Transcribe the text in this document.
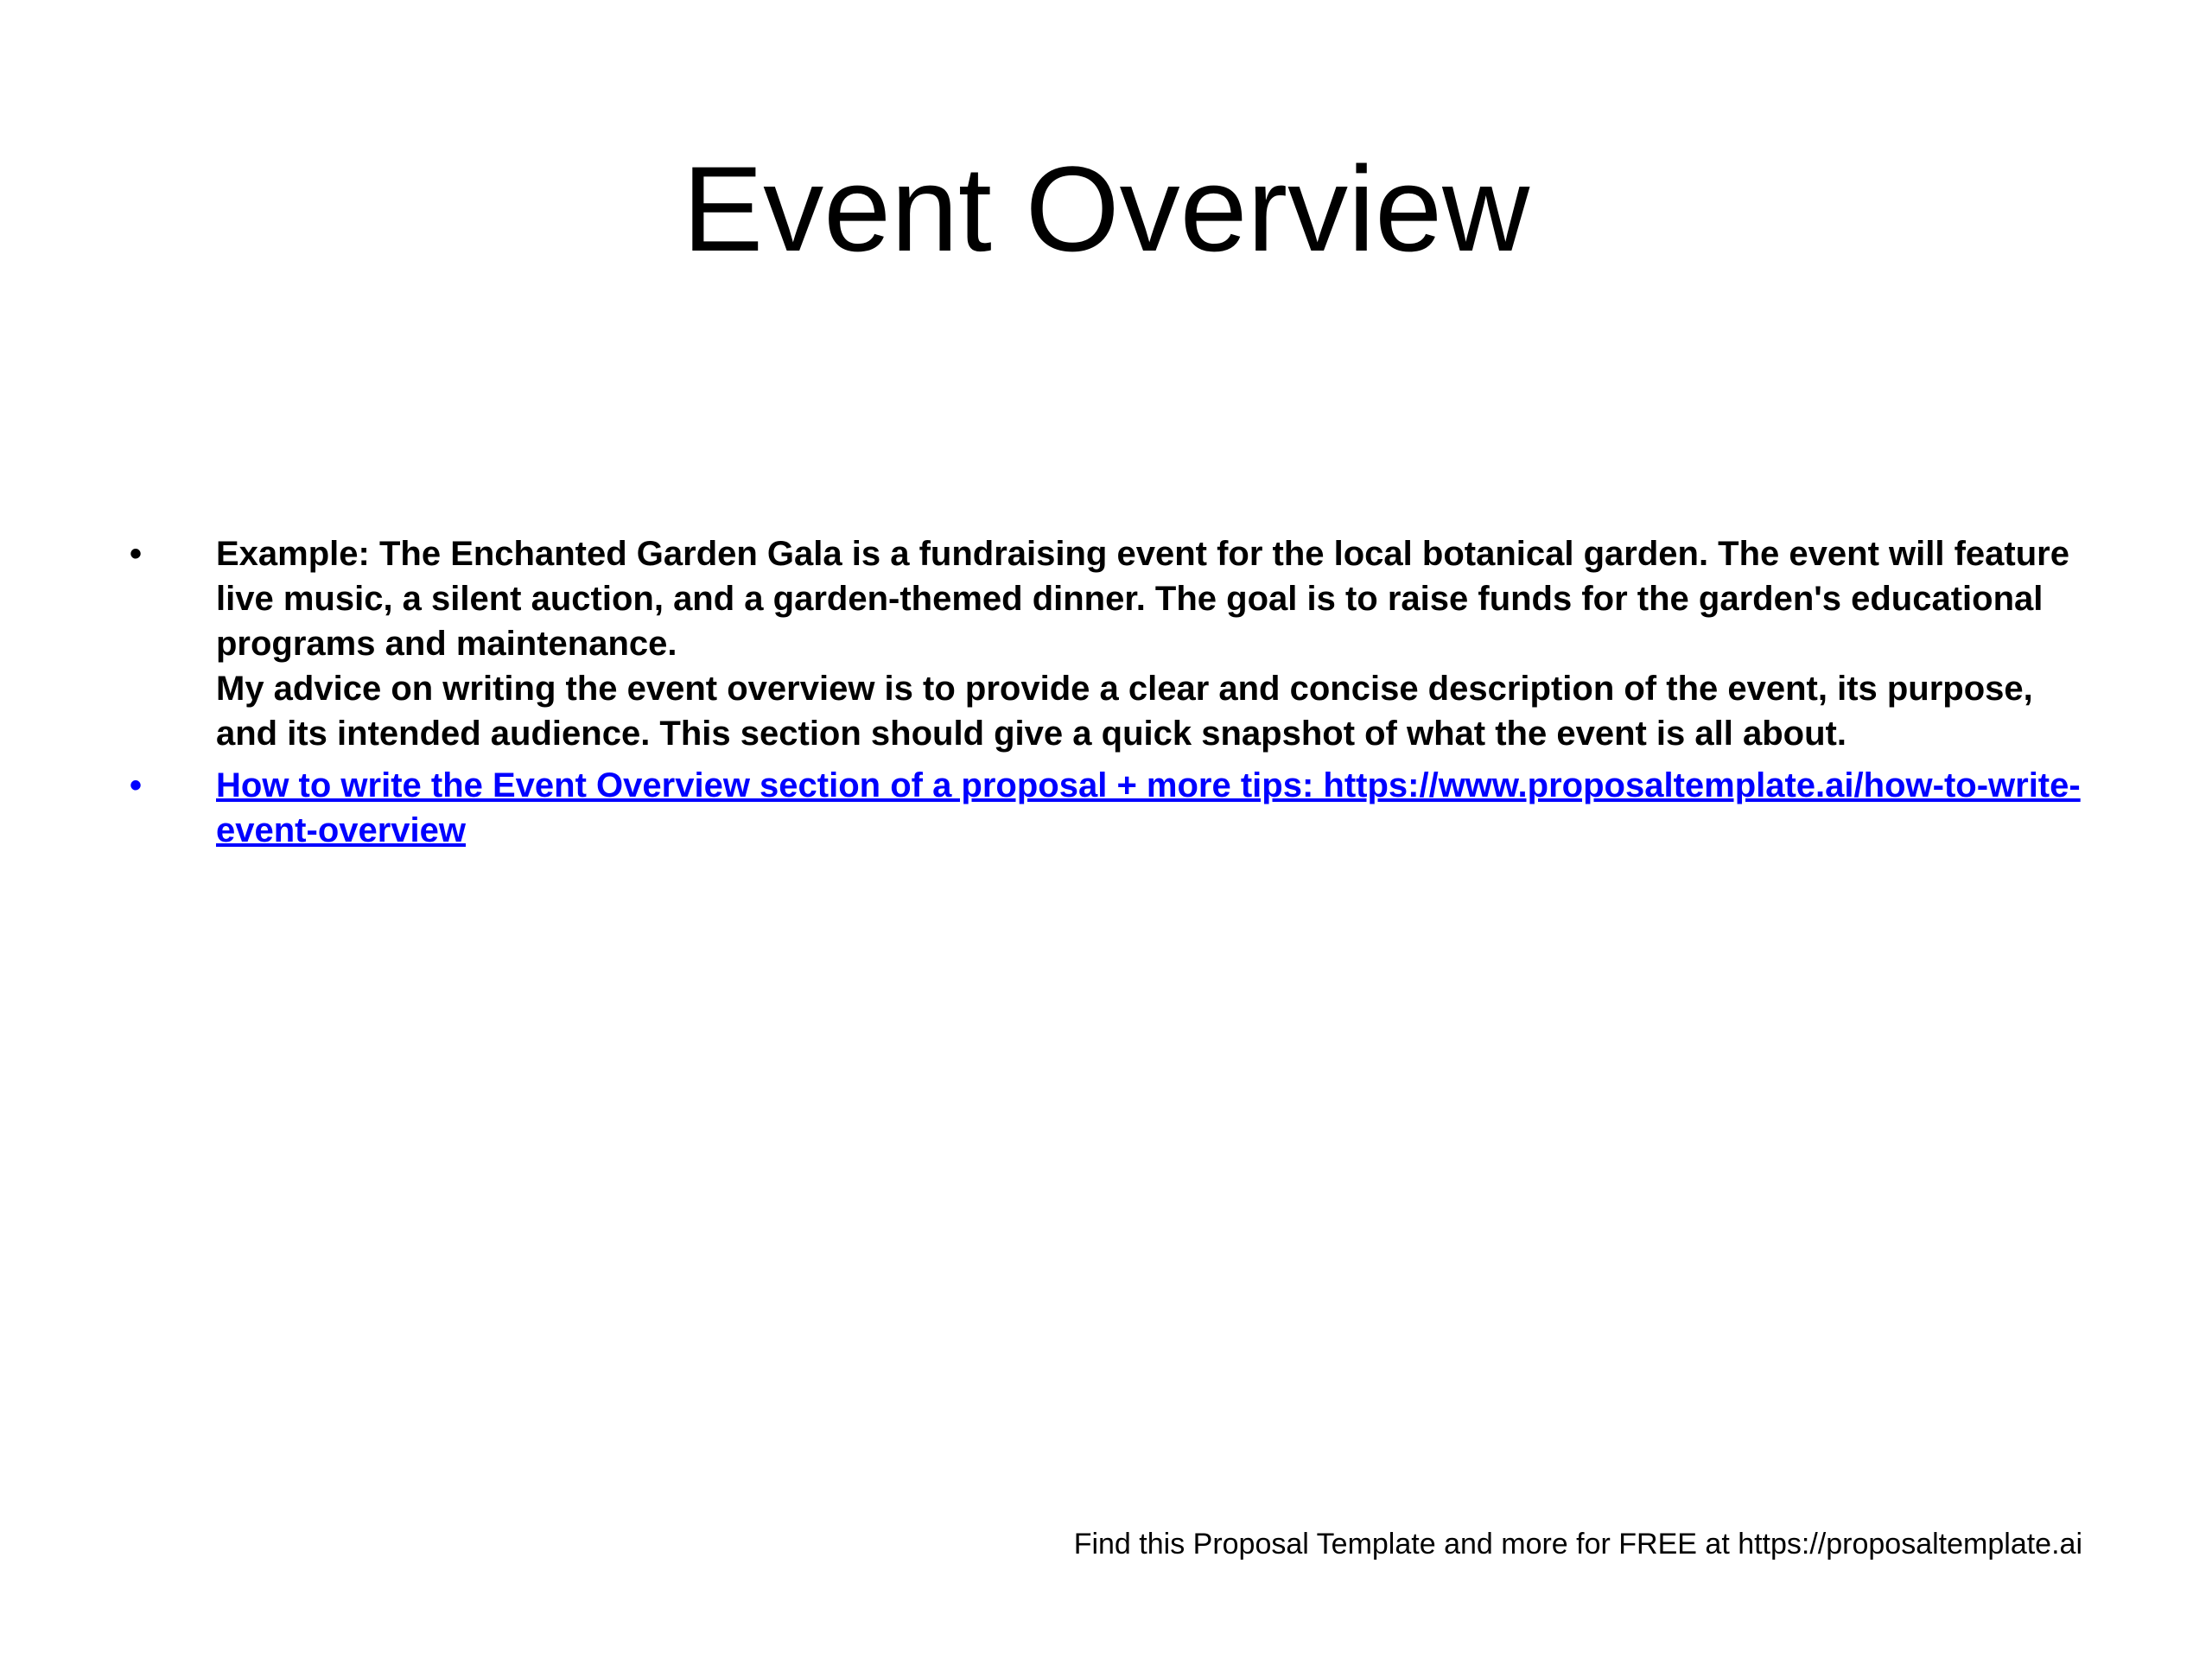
Event Overview
•	Example: The Enchanted Garden Gala is a fundraising event for the local botanical garden. The event will feature live music, a silent auction, and a garden-themed dinner. The goal is to raise funds for the garden's educational programs and maintenance.

My advice on writing the event overview is to provide a clear and concise description of the event, its purpose, and its intended audience. This section should give a quick snapshot of what the event is all about.

•	How to write the Event Overview section of a proposal + more tips: https://www.proposaltemplate.ai/how-to-write-event-overview
Find this Proposal Template and more for FREE at https://proposaltemplate.ai
